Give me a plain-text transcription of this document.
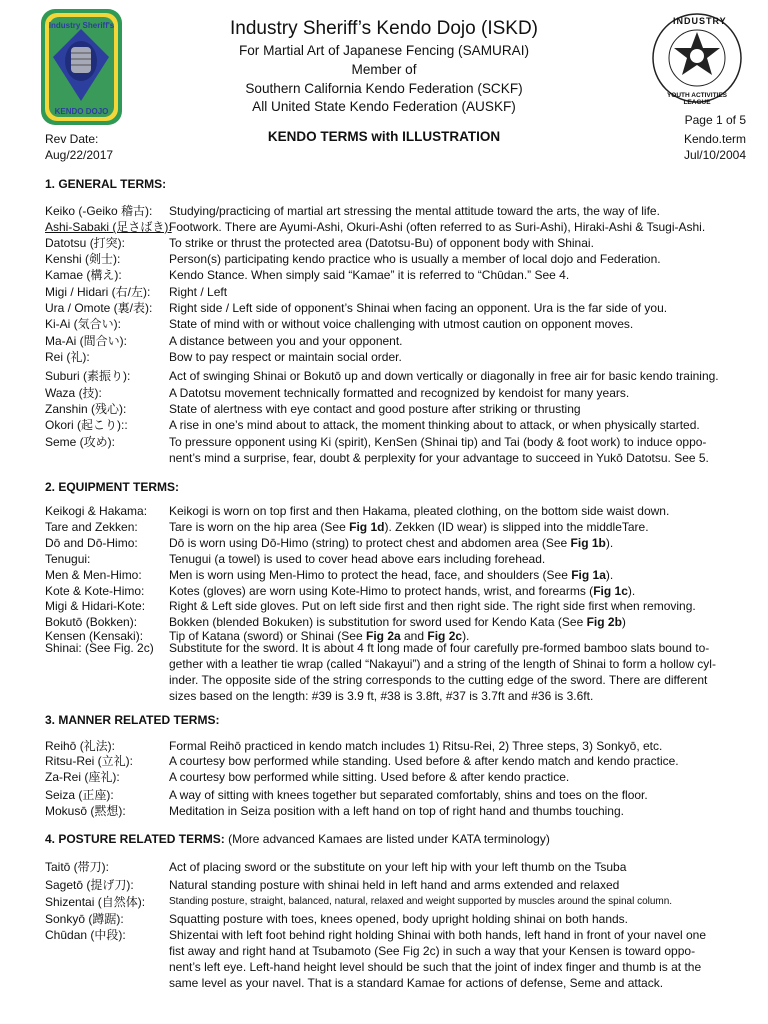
Industry Sheriff's
KENDO DOJO
INDUSTRY
YOUTH ACTIVITIES LEAGUE
Industry Sheriff’s Kendo Dojo (ISKD)
For Martial Art of Japanese Fencing (SAMURAI)
Member of
Southern California Kendo Federation (SCKF)
All United State Kendo Federation (AUSKF)
Page 1 of 5
Kendo.term
Jul/10/2004
Rev Date:
Aug/22/2017
KENDO TERMS with ILLUSTRATION
1. GENERAL TERMS:
Keiko (-Geiko 稽古): Studying/practicing of martial art stressing the mental attitude toward the arts, the way of life.
Ashi-Sabaki (足さばき):
Footwork. There are Ayumi-Ashi, Okuri-Ashi (often referred to as Suri-Ashi), Hiraki-Ashi & Tsugi-Ashi.
Datotsu (打突):	To strike or thrust the protected area (Datotsu-Bu) of opponent body with Shinai.
Kenshi (剣士):	Person(s) participating kendo practice who is usually a member of local dojo and Federation.
Kamae (構え):	Kendo Stance. When simply said “Kamae” it is referred to “Chūdan.” See 4.
Migi / Hidari (右/左): Right / Left
Ura / Omote (裏/表): Right side / Left side of opponent’s Shinai when facing an opponent. Ura is the far side of you.
Ki-Ai (気合い):	State of mind with or without voice challenging with utmost caution on opponent moves.
Ma-Ai (間合い):	A distance between you and your opponent.
Rei (礼):	Bow to pay respect or maintain social order.
Suburi (素振り):	Act of swinging Shinai or Bokutō up and down vertically or diagonally in free air for basic kendo training.
Waza (技):	A Datotsu movement technically formatted and recognized by kendoist for many years.
Zanshin (残心):	State of alertness with eye contact and good posture after striking or thrusting
Okori (起こり)::	A rise in one’s mind about to attack, the moment thinking about to attack, or when physically started.
Seme (攻め):	To pressure opponent using Ki (spirit), KenSen (Shinai tip) and Tai (body & foot work) to induce oppo-
nent’s mind a surprise, fear, doubt & perplexity for your advantage to succeed in Yukō Datotsu. See 5.
2. EQUIPMENT TERMS:
Keikogi & Hakama: Keikogi is worn on top first and then Hakama, pleated clothing, on the bottom side waist down.
Tare and Zekken:	Tare is worn on the hip area (See Fig 1d). Zekken (ID wear) is slipped into the middleTare.
Dō and Dō-Himo:	Dō is worn using Dō-Himo (string) to protect chest and abdomen area (See Fig 1b).
Tenugui:	Tenugui (a towel) is used to cover head above ears including forehead.
Men & Men-Himo: Men is worn using Men-Himo to protect the head, face, and shoulders (See Fig 1a).
Kote & Kote-Himo: Kotes (gloves) are worn using Kote-Himo to protect hands, wrist, and forearms (Fig 1c).
Migi & Hidari-Kote: Right & Left side gloves. Put on left side first and then right side. The right side first when removing.
Bokutō (Bokken):	Bokken (blended Bokuken) is substitution for sword used for Kendo Kata (See Fig 2b)
Kensen (Kensaki): Tip of Katana (sword) or Shinai (See Fig 2a and Fig 2c).
Shinai: (See Fig. 2c) Substitute for the sword. It is about 4 ft long made of four carefully pre-formed bamboo slats bound to-
gether with a leather tie wrap (called “Nakayui”) and a string of the length of Shinai to form a hollow cyl-
inder. The opposite side of the string corresponds to the cutting edge of the sword. There are different
sizes based on the length: #39 is 3.9 ft, #38 is 3.8ft, #37 is 3.7ft and #36 is 3.6ft.
3. MANNER RELATED TERMS:
Reihō (礼法):	Formal Reihō practiced in kendo match includes 1) Ritsu-Rei, 2) Three steps, 3) Sonkyō, etc.
Ritsu-Rei (立礼):	A courtesy bow performed while standing. Used before & after kendo match and kendo practice.
Za-Rei (座礼):	A courtesy bow performed while sitting. Used before & after kendo practice.
Seiza (正座):	A way of sitting with knees together but separated comfortably, shins and toes on the floor.
Mokusō (黙想):	Meditation in Seiza position with a left hand on top of right hand and thumbs touching.
4. POSTURE RELATED TERMS: (More advanced Kamaes are listed under KATA terminology)
Taitō (帯刀):	Act of placing sword or the substitute on your left hip with your left thumb on the Tsuba
Sagetō (提げ刀):	Natural standing posture with shinai held in left hand and arms extended and relaxed
Shizentai (自然体): Standing posture, straight, balanced, natural, relaxed and weight supported by muscles around the spinal column.
Sonkyō (蹲踞):	Squatting posture with toes, knees opened, body upright holding shinai on both hands.
Chūdan (中段):	Shizentai with left foot behind right holding Shinai with both hands, left hand in front of your navel one
fist away and right hand at Tsubamoto (See Fig 2c) in such a way that your Kensen is toward oppo-
nent’s left eye. Left-hand height level should be such that the joint of index finger and thumb is at the
same level as your navel. That is a standard Kamae for actions of defense, Seme and attack.
